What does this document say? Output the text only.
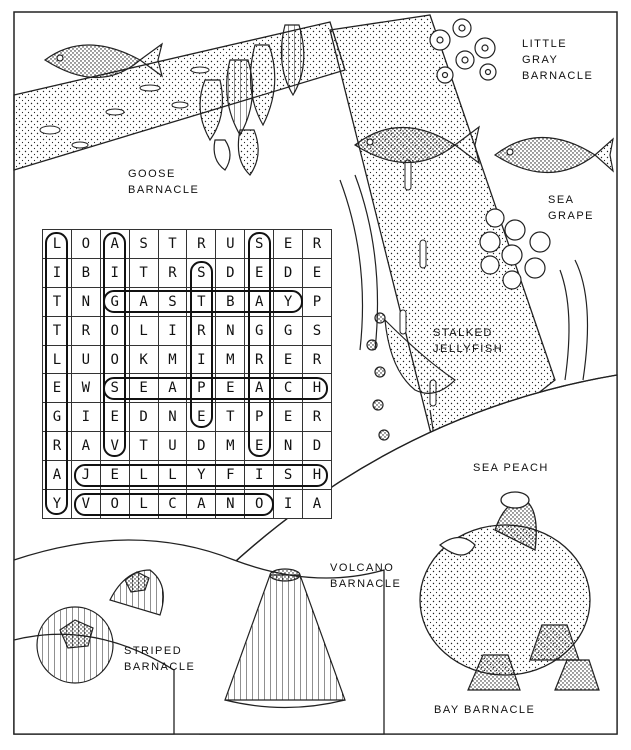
GOOSE
BARNACLE
LITTLE
GRAY
BARNACLE
SEA
GRAPE
STALKED
JELLYFISH
SEA PEACH
VOLCANO
BARNACLE
STRIPED
BARNACLE
BAY BARNACLE
L	O	A	S	T	R	U	S	E	R
I	B	I	T	R	S	D	E	D	E
T	N	G	A	S	T	B	A	Y	P
T	R	O	L	I	R	N	G	G	S
L	U	O	K	M	I	M	R	E	R
E	W	S	E	A	P	E	A	C	H
G	I	E	D	N	E	T	P	E	R
R	A	V	T	U	D	M	E	N	D
A	J	E	L	L	Y	F	I	S	H
Y	V	O	L	C	A	N	O	I	A
